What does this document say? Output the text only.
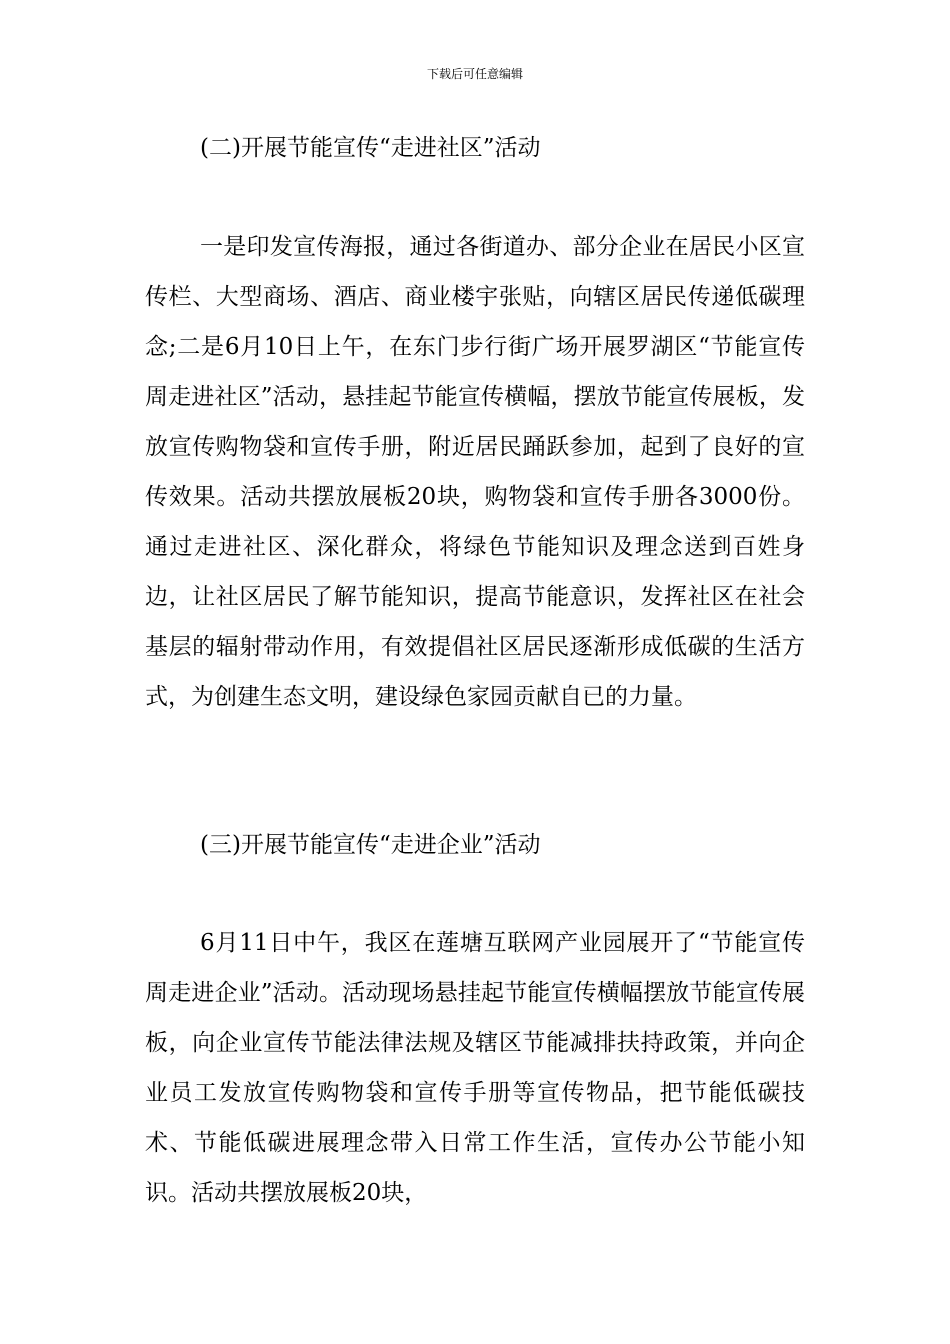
下载后可任意编辑
(二)开展节能宣传“走进社区”活动

一是印发宣传海报，通过各街道办、部分企业在居民小区宣传栏、大型商场、酒店、商业楼宇张贴，向辖区居民传递低碳理念;二是6月10日上午，在东门步行街广场开展罗湖区“节能宣传周走进社区”活动，悬挂起节能宣传横幅，摆放节能宣传展板，发放宣传购物袋和宣传手册，附近居民踊跃参加，起到了良好的宣传效果。活动共摆放展板20块，购物袋和宣传手册各3000份。通过走进社区、深化群众，将绿色节能知识及理念送到百姓身边，让社区居民了解节能知识，提高节能意识，发挥社区在社会基层的辐射带动作用，有效提倡社区居民逐渐形成低碳的生活方式，为创建生态文明，建设绿色家园贡献自已的力量。

(三)开展节能宣传“走进企业”活动

6月11日中午，我区在莲塘互联网产业园展开了“节能宣传周走进企业”活动。活动现场悬挂起节能宣传横幅摆放节能宣传展板，向企业宣传节能法律法规及辖区节能减排扶持政策，并向企业员工发放宣传购物袋和宣传手册等宣传物品，把节能低碳技术、节能低碳进展理念带入日常工作生活，宣传办公节能小知识。活动共摆放展板20块，
